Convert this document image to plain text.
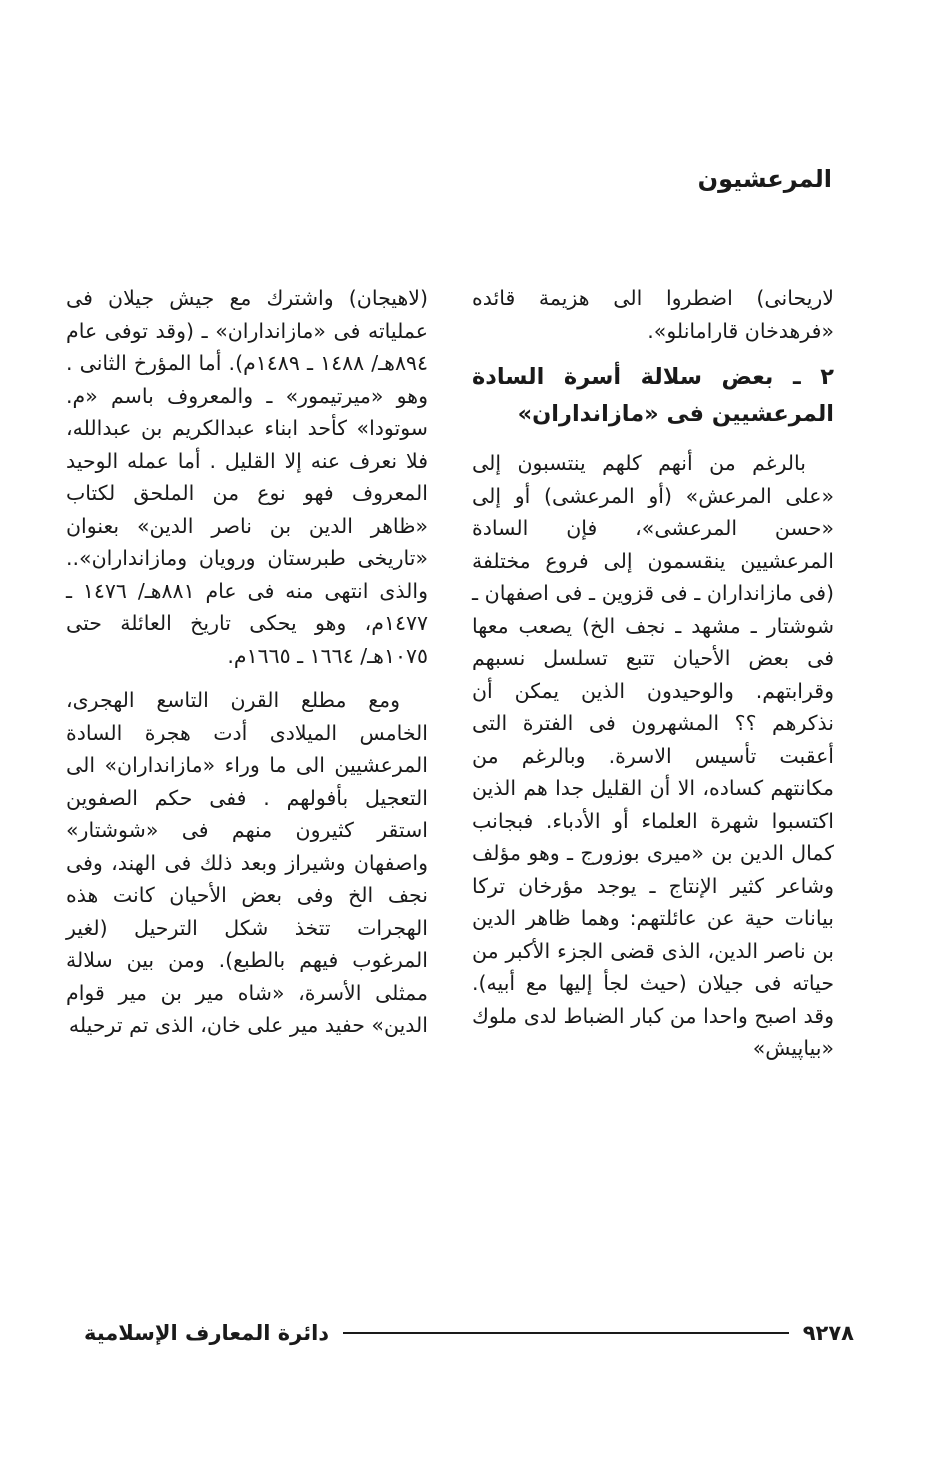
المرعشيون

لاريحانى) اضطروا الى هزيمة قائده «فرهدخان قارامانلو».

٢ ـ بعض سلالة أسرة السادة المرعشيين فى «مازانداران»

بالرغم من أنهم كلهم ينتسبون إلى «على المرعش» (أو المرعشى) أو إلى «حسن المرعشى»، فإن السادة المرعشيين ينقسمون إلى فروع مختلفة (فى مازانداران ـ فى قزوين ـ فى اصفهان ـ شوشتار ـ مشهد ـ نجف الخ) يصعب معها فى بعض الأحيان تتبع تسلسل نسبهم وقرابتهم. والوحيدون الذين يمكن أن نذكرهم ؟؟ المشهرون فى الفترة التى أعقبت تأسيس الاسرة. وبالرغم من مكانتهم كساده، الا أن القليل جدا هم الذين اكتسبوا شهرة العلماء أو الأدباء. فبجانب كمال الدين بن «ميرى بوزورج ـ وهو مؤلف وشاعر كثير الإنتاج ـ يوجد مؤرخان تركا بيانات حية عن عائلتهم: وهما ظاهر الدين بن ناصر الدين، الذى قضى الجزء الأكبر من حياته فى جيلان (حيث لجأ إليها مع أبيه). وقد اصبح واحدا من كبار الضباط لدى ملوك «بياپيش»

(لاهيجان) واشترك مع جيش جيلان فى عملياته فى «مازانداران» ـ (وقد توفى عام ٨٩٤هـ/ ١٤٨٨ ـ ١٤٨٩م). أما المؤرخ الثانى . وهو «ميرتيمور» ـ والمعروف باسم «م. سوتودا» كأحد ابناء عبدالكريم بن عبدالله، فلا نعرف عنه إلا القليل . أما عمله الوحيد المعروف فهو نوع من الملحق لكتاب «ظاهر الدين بن ناصر الدين» بعنوان «تاريخى طبرستان ورويان ومازانداران».. والذى انتهى منه فى عام ٨٨١هـ/ ١٤٧٦ ـ ١٤٧٧م، وهو يحكى تاريخ العائلة حتى ١٠٧٥هـ/ ١٦٦٤ ـ ١٦٦٥م.

ومع مطلع القرن التاسع الهجرى، الخامس الميلادى أدت هجرة السادة المرعشيين الى ما وراء «مازانداران» الى التعجيل بأفولهم . ففى حكم الصفوين استقر كثيرون منهم فى «شوشتار» واصفهان وشيراز وبعد ذلك فى الهند، وفى نجف الخ وفى بعض الأحيان كانت هذه الهجرات تتخذ شكل الترحيل (لغير المرغوب فيهم بالطبع). ومن بين سلالة ممثلى الأسرة، «شاه مير بن مير قوام الدين» حفيد مير على خان، الذى تم ترحيله

٩٢٧٨
دائرة المعارف الإسلامية
